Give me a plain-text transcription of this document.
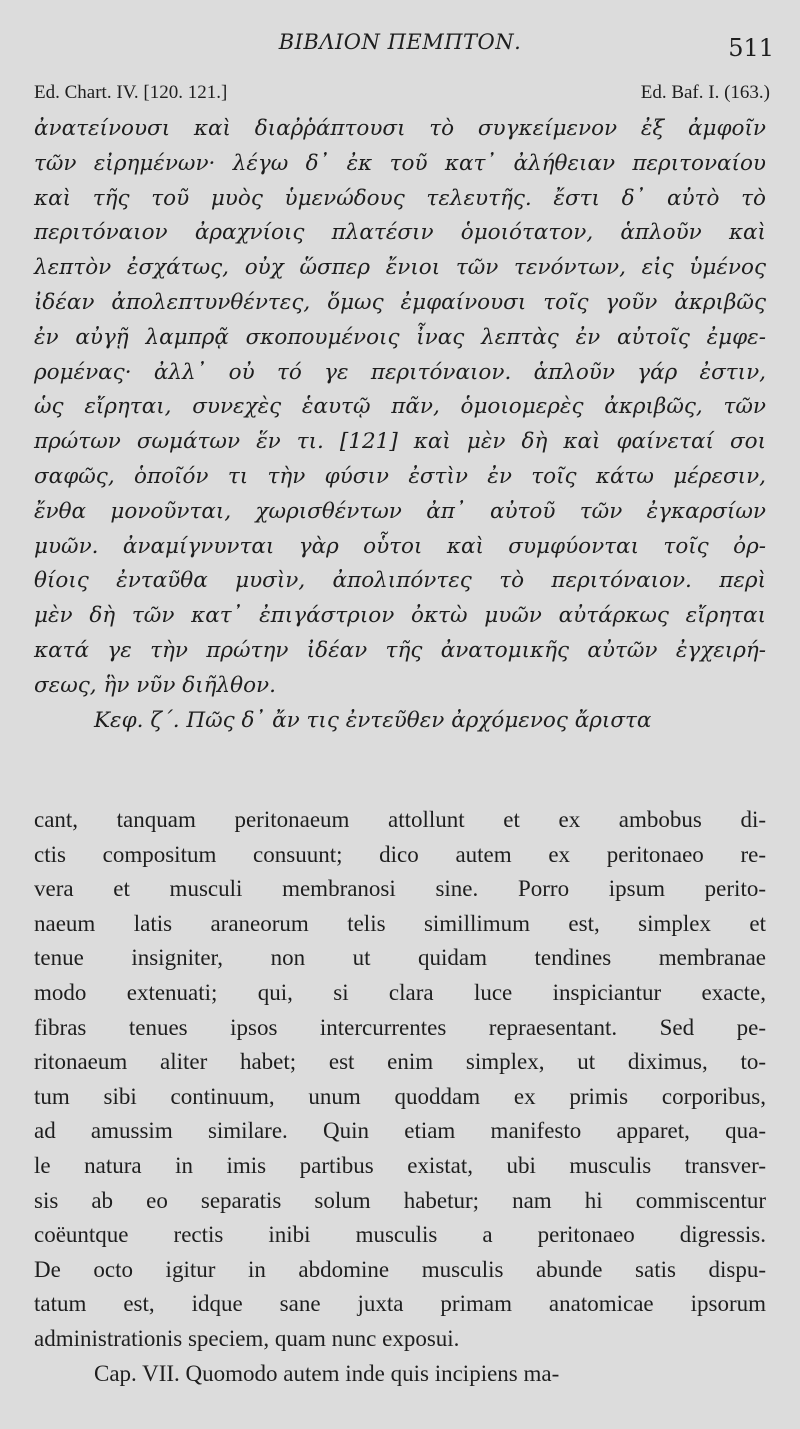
ΒΙΒΛΙΟΝ ΠΕΜΠΤΟΝ.	511
Ed. Chart. IV. [120. 121.]	Ed. Baf. I. (163.)
ἀνατείνουσι καὶ διαῤῥάπτουσι τὸ συγκείμενον ἐξ ἀμφοῖν
τῶν εἰρημένων· λέγω δ᾽ ἐκ τοῦ κατ᾽ ἀλήθειαν περιτοναίου
καὶ τῆς τοῦ μυὸς ὑμενώδους τελευτῆς. ἔστι δ᾽ αὐτὸ τὸ
περιτόναιον ἀραχνίοις πλατέσιν ὁμοιότατον, ἁπλοῦν καὶ
λεπτὸν ἐσχάτως, οὐχ ὥσπερ ἔνιοι τῶν τενόντων, εἰς ὑμένος
ἰδέαν ἀπολεπτυνθέντες, ὅμως ἐμφαίνουσι τοῖς γοῦν ἀκριβῶς
ἐν αὐγῇ λαμπρᾷ σκοπουμένοις ἶνας λεπτὰς ἐν αὐτοῖς ἐμφε-
ρομένας· ἀλλ᾽ οὐ τό γε περιτόναιον. ἁπλοῦν γάρ ἐστιν,
ὡς εἴρηται, συνεχὲς ἑαυτῷ πᾶν, ὁμοιομερὲς ἀκριβῶς, τῶν
πρώτων σωμάτων ἕν τι. [121] καὶ μὲν δὴ καὶ φαίνεταί σοι
σαφῶς, ὁποῖόν τι τὴν φύσιν ἐστὶν ἐν τοῖς κάτω μέρεσιν,
ἔνθα μονοῦνται, χωρισθέντων ἀπ᾽ αὐτοῦ τῶν ἐγκαρσίων
μυῶν. ἀναμίγνυνται γὰρ οὗτοι καὶ συμφύονται τοῖς ὀρ-
θίοις ἐνταῦθα μυσὶν, ἀπολιπόντες τὸ περιτόναιον. περὶ
μὲν δὴ τῶν κατ᾽ ἐπιγάστριον ὀκτὼ μυῶν αὐτάρκως εἴρηται
κατά γε τὴν πρώτην ἰδέαν τῆς ἀνατομικῆς αὐτῶν ἐγχειρή-
σεως, ἣν νῦν διῆλθον.
Κεφ. ζ΄. Πῶς δ᾽ ἄν τις ἐντεῦθεν ἀρχόμενος ἄριστα
cant, tanquam peritonaeum attollunt et ex ambobus di-
ctis compositum consuunt; dico autem ex peritonaeo re-
vera et musculi membranosi sine. Porro ipsum perito-
naeum latis araneorum telis simillimum est, simplex et
tenue insigniter, non ut quidam tendines membranae
modo extenuati; qui, si clara luce inspiciantur exacte,
fibras tenues ipsos intercurrentes repraesentant. Sed pe-
ritonaeum aliter habet; est enim simplex, ut diximus, to-
tum sibi continuum, unum quoddam ex primis corporibus,
ad amussim similare. Quin etiam manifesto apparet, qua-
le natura in imis partibus existat, ubi musculis transver-
sis ab eo separatis solum habetur; nam hi commiscentur
coëuntque rectis inibi musculis a peritonaeo digressis.
De octo igitur in abdomine musculis abunde satis dispu-
tatum est, idque sane juxta primam anatomicae ipsorum
administrationis speciem, quam nunc exposui.
Cap. VII. Quomodo autem inde quis incipiens ma-
